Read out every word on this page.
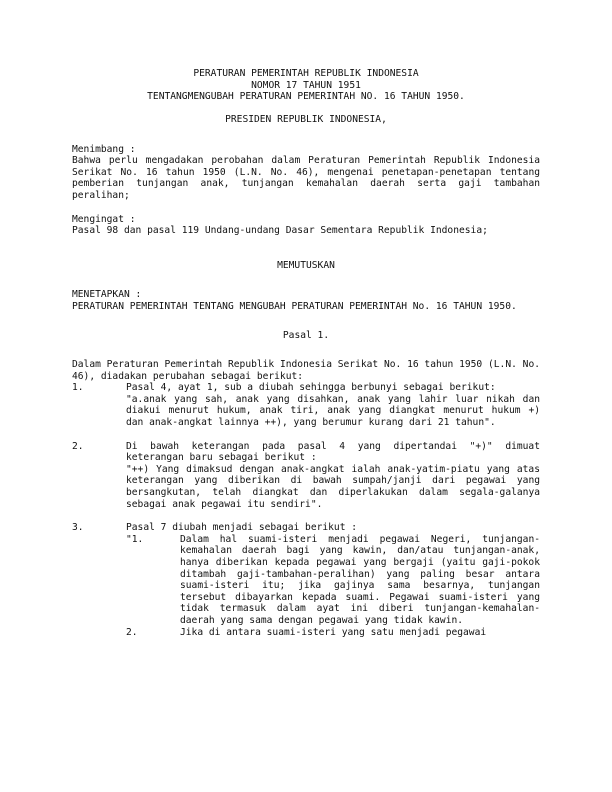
PERATURAN PEMERINTAH REPUBLIK INDONESIA
NOMOR 17 TAHUN 1951
TENTANGMENGUBAH PERATURAN PEMERINTAH NO. 16 TAHUN 1950.
PRESIDEN REPUBLIK INDONESIA,
Menimbang :
Bahwa perlu mengadakan perobahan dalam Peraturan Pemerintah Republik Indonesia Serikat No. 16 tahun 1950 (L.N. No. 46), mengenai penetapan-penetapan tentang pemberian tunjangan anak, tunjangan kemahalan daerah serta gaji tambahan peralihan;
Mengingat :
Pasal 98 dan pasal 119 Undang-undang Dasar Sementara Republik Indonesia;
MEMUTUSKAN
MENETAPKAN :
PERATURAN PEMERINTAH TENTANG MENGUBAH PERATURAN PEMERINTAH No. 16 TAHUN 1950.
Pasal 1.
Dalam Peraturan Pemerintah Republik Indonesia Serikat No. 16 tahun 1950 (L.N. No. 46), diadakan perubahan sebagai berikut:
1.	Pasal 4, ayat 1, sub a diubah sehingga berbunyi sebagai berikut:
"a.anak yang sah, anak yang disahkan, anak yang lahir luar nikah dan diakui menurut hukum, anak tiri, anak yang diangkat menurut hukum +) dan anak-angkat lainnya ++), yang berumur kurang dari 21 tahun".
2.	Di bawah keterangan pada pasal 4 yang dipertandai "+)" dimuat keterangan baru sebagai berikut :
"++) Yang dimaksud dengan anak-angkat ialah anak-yatim-piatu yang atas keterangan yang diberikan di bawah sumpah/janji dari pegawai yang bersangkutan, telah diangkat dan diperlakukan dalam segala-galanya sebagai anak pegawai itu sendiri".
3.	Pasal 7 diubah menjadi sebagai berikut :
"1.	Dalam hal suami-isteri menjadi pegawai Negeri, tunjangan-kemahalan daerah bagi yang kawin, dan/atau tunjangan-anak, hanya diberikan kepada pegawai yang bergaji (yaitu gaji-pokok ditambah gaji-tambahan-peralihan) yang paling besar antara suami-isteri itu; jika gajinya sama besarnya, tunjangan tersebut dibayarkan kepada suami. Pegawai suami-isteri yang tidak termasuk dalam ayat ini diberi tunjangan-kemahalan-daerah yang sama dengan pegawai yang tidak kawin.
2.	Jika di antara suami-isteri yang satu menjadi pegawai
